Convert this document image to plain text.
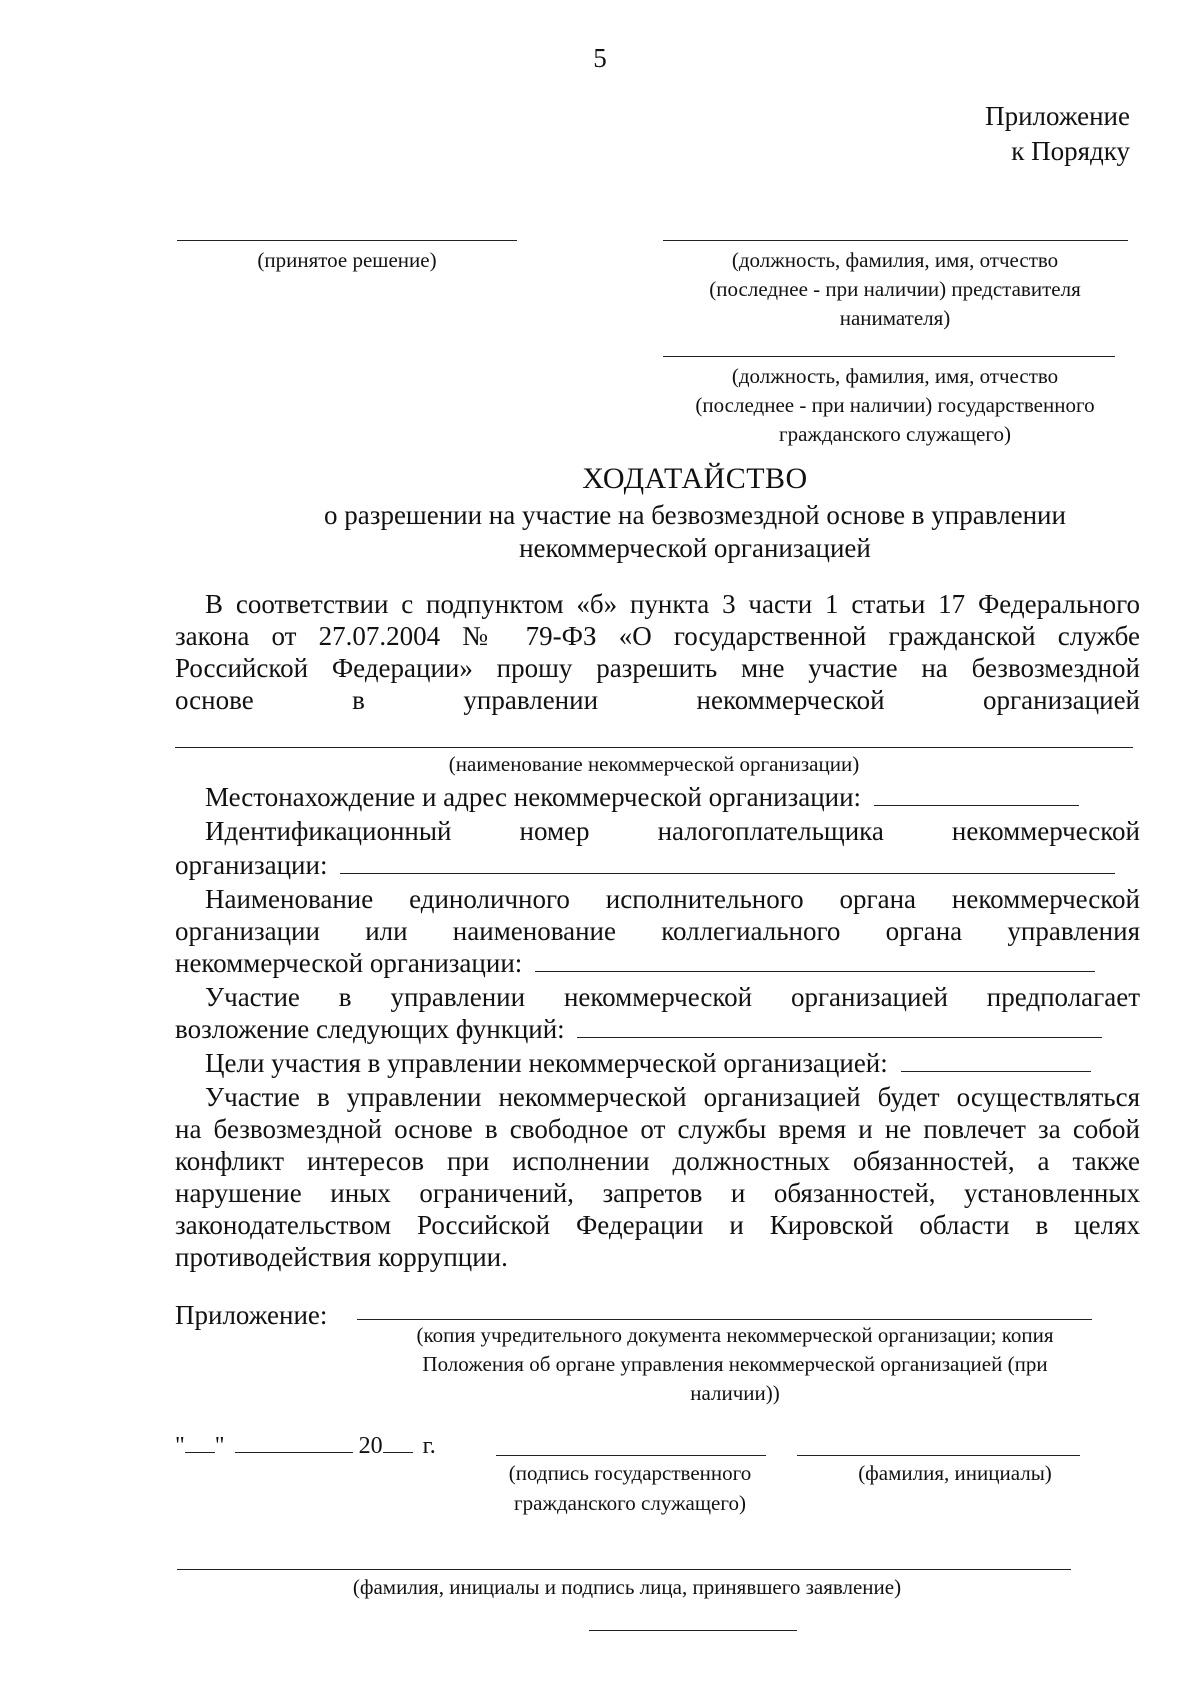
5
Приложение
к Порядку
(принятое решение)	(должность, фамилия, имя, отчество
(последнее - при наличии) представителя
нанимателя)
(должность, фамилия, имя, отчество
(последнее - при наличии) государственного
гражданского служащего)
ХОДАТАЙСТВО
о разрешении на участие на безвозмездной основе в управлении
некоммерческой организацией
В соответствии с подпунктом «б» пункта 3 части 1 статьи 17 Федерального
закона от 27.07.2004 № 79-ФЗ «О государственной гражданской службе
Российской Федерации» прошу разрешить мне участие на безвозмездной
основе в управлении некоммерческой организацией
(наименование некоммерческой организации)
Местонахождение и адрес некоммерческой организации:
Идентификационный номер налогоплательщика некоммерческой
организации:
Наименование единоличного исполнительного органа некоммерческой
организации или наименование коллегиального органа управления
некоммерческой организации:
Участие в управлении некоммерческой организацией предполагает
возложение следующих функций:
Цели участия в управлении некоммерческой организацией:
Участие в управлении некоммерческой организацией будет осуществляться
на безвозмездной основе в свободное от службы время и не повлечет за собой
конфликт интересов при исполнении должностных обязанностей, а также
нарушение иных ограничений, запретов и обязанностей, установленных
законодательством Российской Федерации и Кировской области в целях
противодействия коррупции.
Приложение:
(копия учредительного документа некоммерческой организации; копия
Положения об органе управления некоммерческой организацией (при
наличии))
" "	20 г.
(подпись государственного
гражданского служащего)
(фамилия, инициалы)
(фамилия, инициалы и подпись лица, принявшего заявление)
